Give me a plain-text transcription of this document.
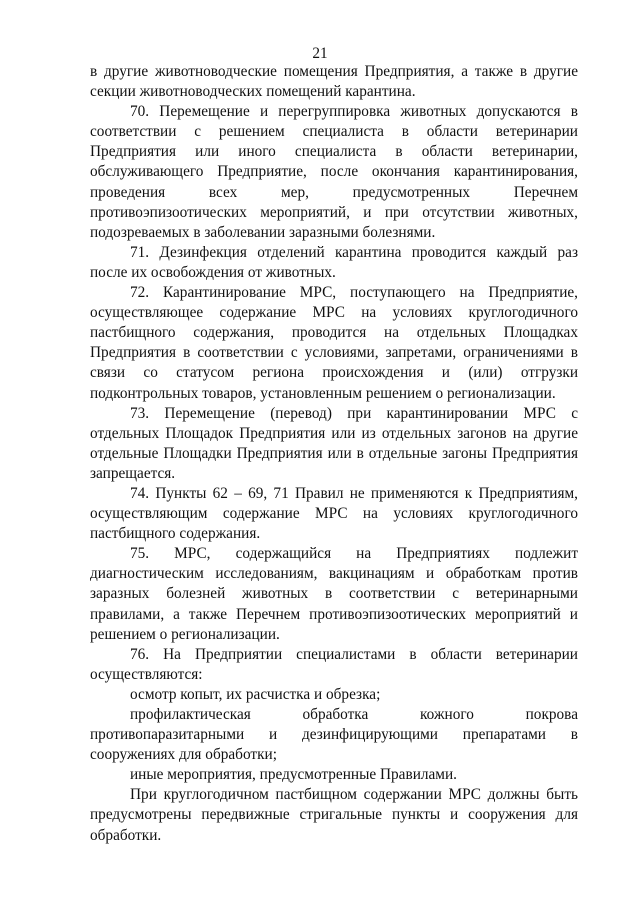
21

в другие животноводческие помещения Предприятия, а также в другие секции животноводческих помещений карантина.

70. Перемещение и перегруппировка животных допускаются в соответствии с решением специалиста в области ветеринарии Предприятия или иного специалиста в области ветеринарии, обслуживающего Предприятие, после окончания карантинирования, проведения всех мер, предусмотренных Перечнем противоэпизоотических мероприятий, и при отсутствии животных, подозреваемых в заболевании заразными болезнями.

71. Дезинфекция отделений карантина проводится каждый раз после их освобождения от животных.

72. Карантинирование МРС, поступающего на Предприятие, осуществляющее содержание МРС на условиях круглогодичного пастбищного содержания, проводится на отдельных Площадках Предприятия в соответствии с условиями, запретами, ограничениями в связи со статусом региона происхождения и (или) отгрузки подконтрольных товаров, установленным решением о регионализации.

73. Перемещение (перевод) при карантинировании МРС с отдельных Площадок Предприятия или из отдельных загонов на другие отдельные Площадки Предприятия или в отдельные загоны Предприятия запрещается.

74. Пункты 62 – 69, 71 Правил не применяются к Предприятиям, осуществляющим содержание МРС на условиях круглогодичного пастбищного содержания.

75. МРС, содержащийся на Предприятиях подлежит диагностическим исследованиям, вакцинациям и обработкам против заразных болезней животных в соответствии с ветеринарными правилами, а также Перечнем противоэпизоотических мероприятий и решением о регионализации.

76. На Предприятии специалистами в области ветеринарии осуществляются:

осмотр копыт, их расчистка и обрезка;

профилактическая обработка кожного покрова противопаразитарными и дезинфицирующими препаратами в сооружениях для обработки;

иные мероприятия, предусмотренные Правилами.

При круглогодичном пастбищном содержании МРС должны быть предусмотрены передвижные стригальные пункты и сооружения для обработки.
